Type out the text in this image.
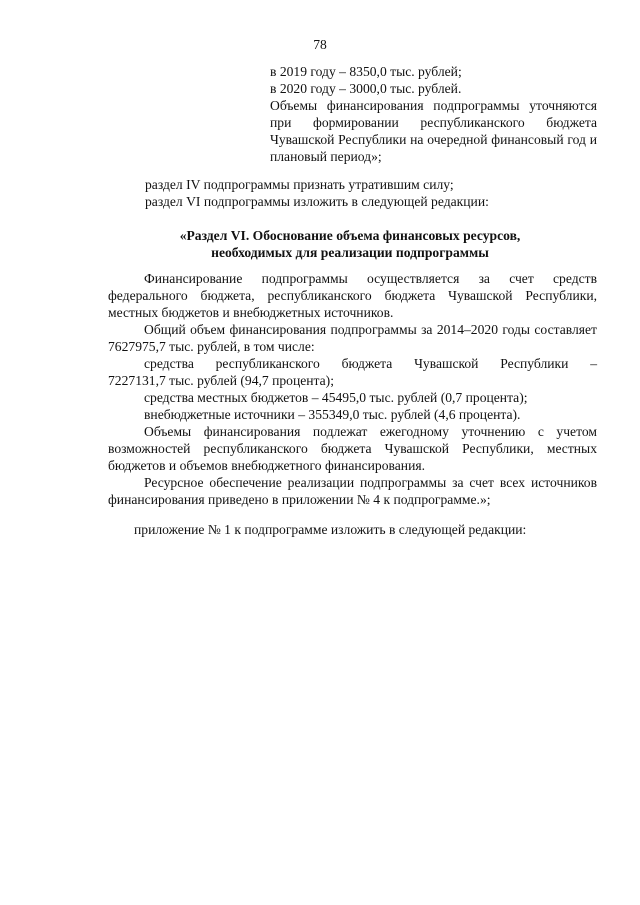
78
в 2019 году – 8350,0 тыс. рублей;
в 2020 году – 3000,0 тыс. рублей.
Объемы финансирования подпрограммы уточняются при формировании республиканского бюджета Чувашской Республики на очередной финансовый год и плановый период»;
раздел IV подпрограммы признать утратившим силу;
раздел VI подпрограммы изложить в следующей редакции:
«Раздел VI. Обоснование объема финансовых ресурсов,
необходимых для реализации подпрограммы
Финансирование подпрограммы осуществляется за счет средств федерального бюджета, республиканского бюджета Чувашской Республики, местных бюджетов и внебюджетных источников.
Общий объем финансирования подпрограммы за 2014–2020 годы составляет 7627975,7 тыс. рублей, в том числе:
средства республиканского бюджета Чувашской Республики –
7227131,7 тыс. рублей (94,7 процента);
средства местных бюджетов – 45495,0 тыс. рублей (0,7 процента);
внебюджетные источники – 355349,0 тыс. рублей (4,6 процента).
Объемы финансирования подлежат ежегодному уточнению с учетом возможностей республиканского бюджета Чувашской Республики, местных бюджетов и объемов внебюджетного финансирования.
Ресурсное обеспечение реализации подпрограммы за счет всех источников финансирования приведено в приложении № 4 к подпрограмме.»;
приложение № 1 к подпрограмме изложить в следующей редакции:
